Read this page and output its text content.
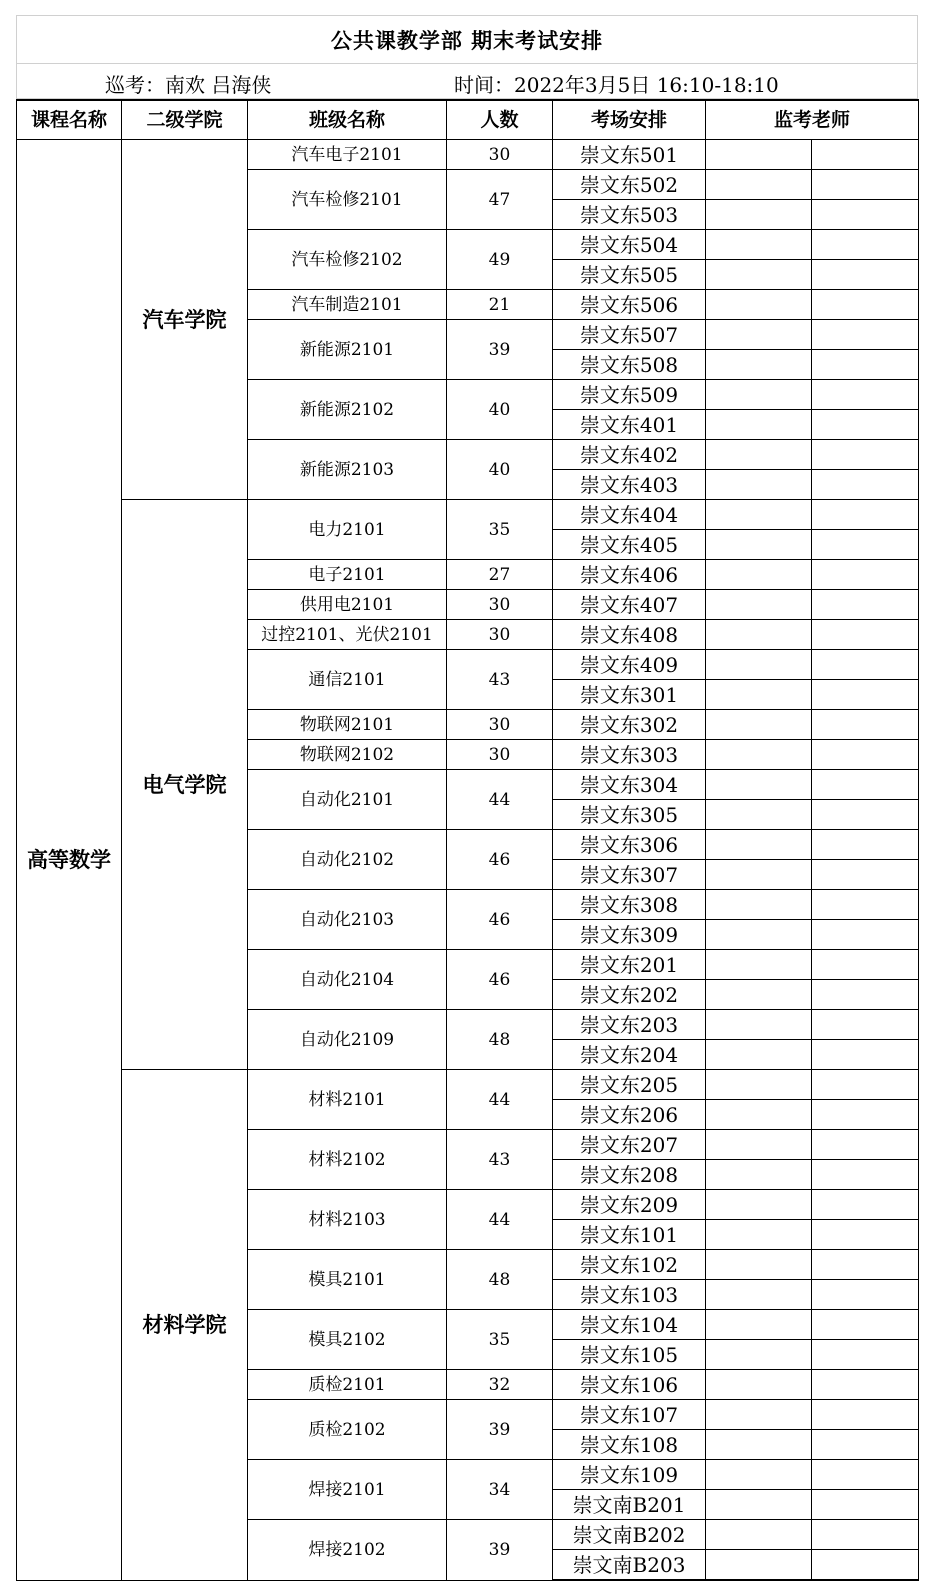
公共课教学部 期末考试安排
巡考：南欢 吕海侠	时间：2022年3月5日 16:10-18:10
课程名称	二级学院	班级名称	人数	考场安排	监考老师	
高等数学	汽车学院	汽车电子2101	30	崇文东501		
		汽车检修2101	47	崇文东502		
				崇文东503		
		汽车检修2102	49	崇文东504		
				崇文东505		
		汽车制造2101	21	崇文东506		
		新能源2101	39	崇文东507		
				崇文东508		
		新能源2102	40	崇文东509		
				崇文东401		
		新能源2103	40	崇文东402		
				崇文东403		
	电气学院	电力2101	35	崇文东404		
				崇文东405		
		电子2101	27	崇文东406		
		供用电2101	30	崇文东407		
		过控2101、光伏2101	30	崇文东408		
		通信2101	43	崇文东409		
				崇文东301		
		物联网2101	30	崇文东302		
		物联网2102	30	崇文东303		
		自动化2101	44	崇文东304		
				崇文东305		
		自动化2102	46	崇文东306		
				崇文东307		
		自动化2103	46	崇文东308		
				崇文东309		
		自动化2104	46	崇文东201		
				崇文东202		
		自动化2109	48	崇文东203		
				崇文东204		
	材料学院	材料2101	44	崇文东205		
				崇文东206		
		材料2102	43	崇文东207		
				崇文东208		
		材料2103	44	崇文东209		
				崇文东101		
		模具2101	48	崇文东102		
				崇文东103		
		模具2102	35	崇文东104		
				崇文东105		
		质检2101	32	崇文东106		
		质检2102	39	崇文东107		
				崇文东108		
		焊接2101	34	崇文东109		
				崇文南B201		
		焊接2102	39	崇文南B202		
				崇文南B203		
